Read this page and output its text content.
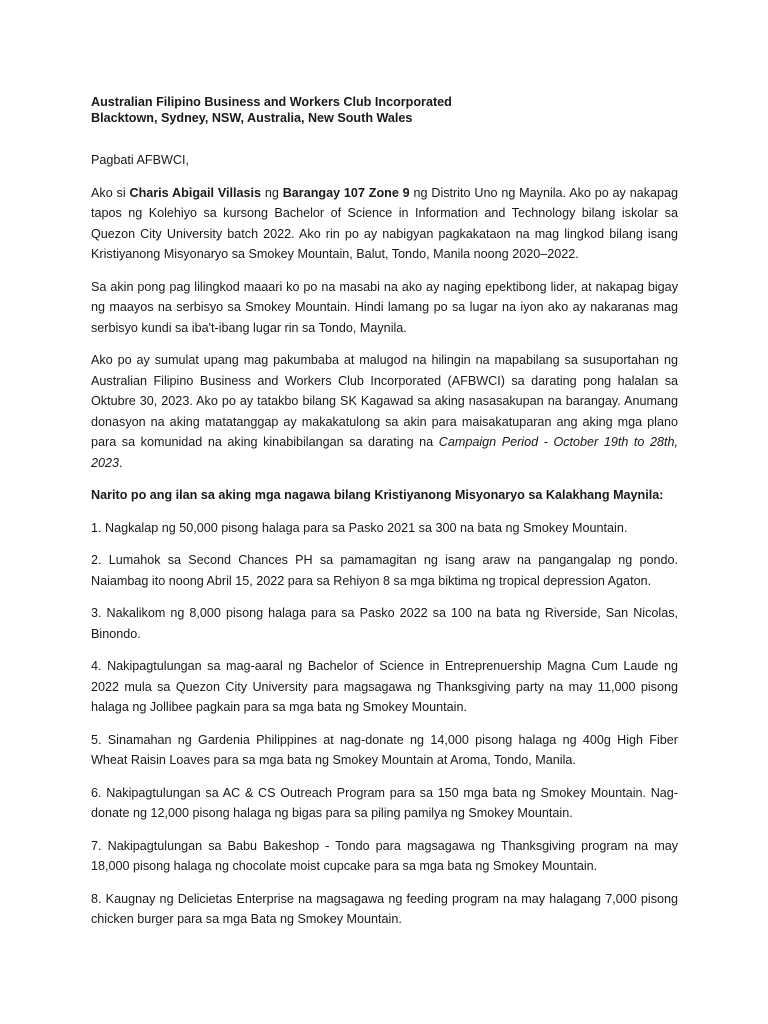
Australian Filipino Business and Workers Club Incorporated
Blacktown, Sydney, NSW, Australia, New South Wales

Pagbati AFBWCI,

Ako si Charis Abigail Villasis ng Barangay 107 Zone 9 ng Distrito Uno ng Maynila. Ako po ay nakapag tapos ng Kolehiyo sa kursong Bachelor of Science in Information and Technology bilang iskolar sa Quezon City University batch 2022. Ako rin po ay nabigyan pagkakataon na mag lingkod bilang isang Kristiyanong Misyonaryo sa Smokey Mountain, Balut, Tondo, Manila noong 2020–2022.

Sa akin pong pag lilingkod maaari ko po na masabi na ako ay naging epektibong lider, at nakapag bigay ng maayos na serbisyo sa Smokey Mountain. Hindi lamang po sa lugar na iyon ako ay nakaranas mag serbisyo kundi sa iba't-ibang lugar rin sa Tondo, Maynila.

Ako po ay sumulat upang mag pakumbaba at malugod na hilingin na mapabilang sa susuportahan ng Australian Filipino Business and Workers Club Incorporated (AFBWCI) sa darating pong halalan sa Oktubre 30, 2023. Ako po ay tatakbo bilang SK Kagawad sa aking nasasakupan na barangay. Anumang donasyon na aking matatanggap ay makakatulong sa akin para maisakatuparan ang aking mga plano para sa komunidad na aking kinabibilangan sa darating na Campaign Period - October 19th to 28th, 2023.

Narito po ang ilan sa aking mga nagawa bilang Kristiyanong Misyonaryo sa Kalakhang Maynila:

1. Nagkalap ng 50,000 pisong halaga para sa Pasko 2021 sa 300 na bata ng Smokey Mountain.

2. Lumahok sa Second Chances PH sa pamamagitan ng isang araw na pangangalap ng pondo. Naiambag ito noong Abril 15, 2022 para sa Rehiyon 8 sa mga biktima ng tropical depression Agaton.

3. Nakalikom ng 8,000 pisong halaga para sa Pasko 2022 sa 100 na bata ng Riverside, San Nicolas, Binondo.

4. Nakipagtulungan sa mag-aaral ng Bachelor of Science in Entreprenuership Magna Cum Laude ng 2022 mula sa Quezon City University para magsagawa ng Thanksgiving party na may 11,000 pisong halaga ng Jollibee pagkain para sa mga bata ng Smokey Mountain.

5. Sinamahan ng Gardenia Philippines at nag-donate ng 14,000 pisong halaga ng 400g High Fiber Wheat Raisin Loaves para sa mga bata ng Smokey Mountain at Aroma, Tondo, Manila.

6. Nakipagtulungan sa AC & CS Outreach Program para sa 150 mga bata ng Smokey Mountain. Nag-donate ng 12,000 pisong halaga ng bigas para sa piling pamilya ng Smokey Mountain.

7. Nakipagtulungan sa Babu Bakeshop - Tondo para magsagawa ng Thanksgiving program na may 18,000 pisong halaga ng chocolate moist cupcake para sa mga bata ng Smokey Mountain.

8. Kaugnay ng Delicietas Enterprise na magsagawa ng feeding program na may halagang 7,000 pisong chicken burger para sa mga Bata ng Smokey Mountain.
